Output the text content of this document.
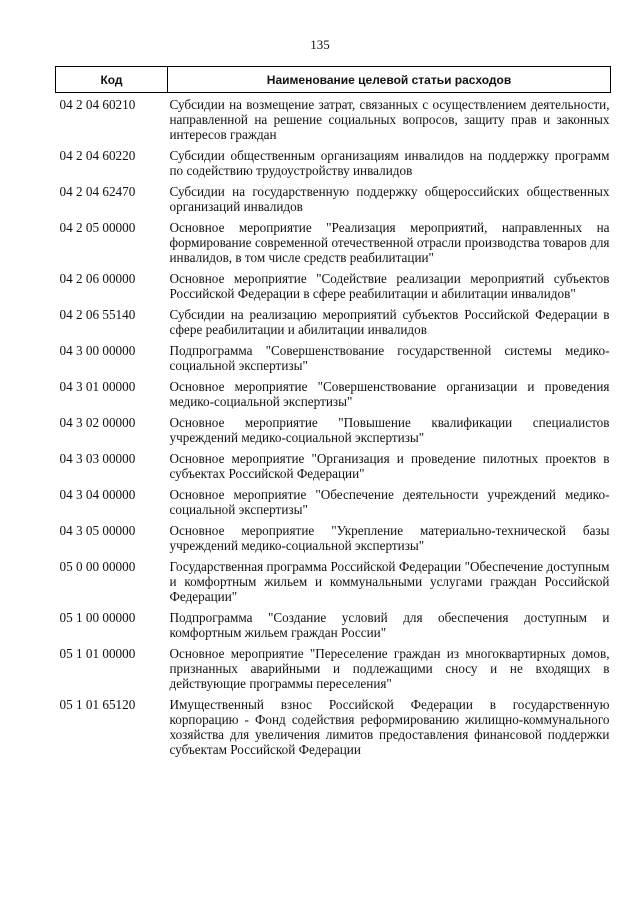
135
Код	Наименование целевой статьи расходов
04 2 04 60210	Субсидии на возмещение затрат, связанных с осуществлением деятельности, направленной на решение социальных вопросов, защиту прав и законных интересов граждан
04 2 04 60220	Субсидии общественным организациям инвалидов на поддержку программ по содействию трудоустройству инвалидов
04 2 04 62470	Субсидии на государственную поддержку общероссийских общественных организаций инвалидов
04 2 05 00000	Основное мероприятие "Реализация мероприятий, направленных на формирование современной отечественной отрасли производства товаров для инвалидов, в том числе средств реабилитации"
04 2 06 00000	Основное мероприятие "Содействие реализации мероприятий субъектов Российской Федерации в сфере реабилитации и абилитации инвалидов"
04 2 06 55140	Субсидии на реализацию мероприятий субъектов Российской Федерации в сфере реабилитации и абилитации инвалидов
04 3 00 00000	Подпрограмма "Совершенствование государственной системы медико-социальной экспертизы"
04 3 01 00000	Основное мероприятие "Совершенствование организации и проведения медико-социальной экспертизы"
04 3 02 00000	Основное мероприятие "Повышение квалификации специалистов учреждений медико-социальной экспертизы"
04 3 03 00000	Основное мероприятие "Организация и проведение пилотных проектов в субъектах Российской Федерации"
04 3 04 00000	Основное мероприятие "Обеспечение деятельности учреждений медико-социальной экспертизы"
04 3 05 00000	Основное мероприятие "Укрепление материально-технической базы учреждений медико-социальной экспертизы"
05 0 00 00000	Государственная программа Российской Федерации "Обеспечение доступным и комфортным жильем и коммунальными услугами граждан Российской Федерации"
05 1 00 00000	Подпрограмма "Создание условий для обеспечения доступным и комфортным жильем граждан России"
05 1 01 00000	Основное мероприятие "Переселение граждан из многоквартирных домов, признанных аварийными и подлежащими сносу и не входящих в действующие программы переселения"
05 1 01 65120	Имущественный взнос Российской Федерации в государственную корпорацию - Фонд содействия реформированию жилищно-коммунального хозяйства для увеличения лимитов предоставления финансовой поддержки субъектам Российской Федерации
